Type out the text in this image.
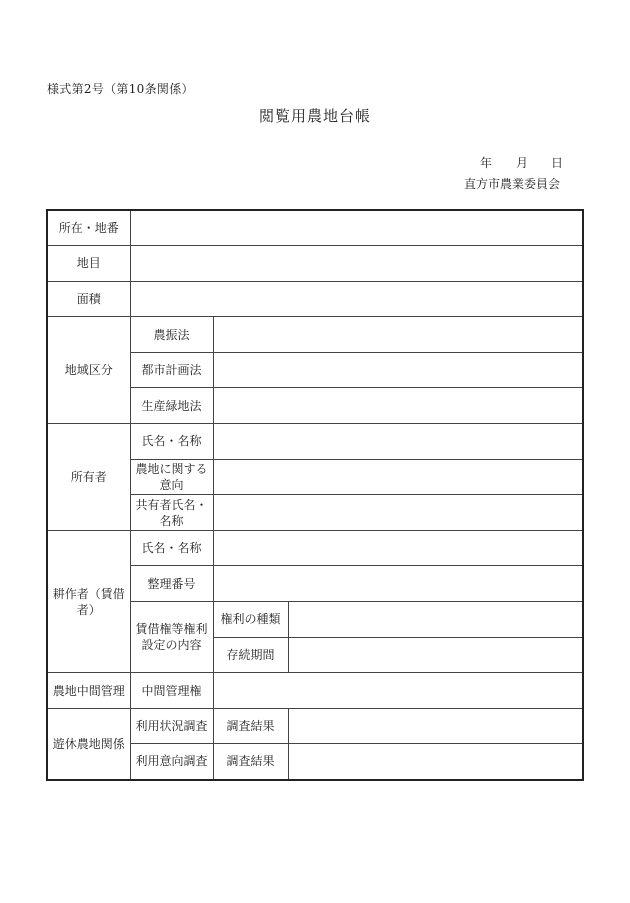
様式第2号（第10条関係）
閲覧用農地台帳
年 月 日
直方市農業委員会
所在・地番			
地目			
面積			
地域区分	農振法		
	都市計画法		
	生産緑地法		
所有者	氏名・名称		
	農地に関する意向		
	共有者氏名・名称		
耕作者（賃借者）	氏名・名称		
	整理番号		
	賃借権等権利設定の内容	権利の種類	
		存続期間	
農地中間管理	中間管理権		
遊休農地関係	利用状況調査	調査結果	
	利用意向調査	調査結果	
